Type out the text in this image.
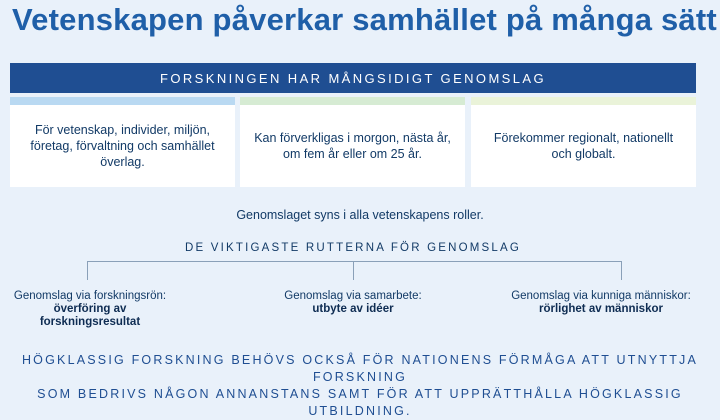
Vetenskapen påverkar samhället på många sätt
FORSKNINGEN HAR MÅNGSIDIGT GENOMSLAG
För vetenskap, individer, miljön, företag, förvaltning och samhället överlag.
Kan förverkligas i morgon, nästa år, om fem år eller om 25 år.
Förekommer regionalt, nationellt och globalt.
Genomslaget syns i alla vetenskapens roller.
DE VIKTIGASTE RUTTERNA FÖR GENOMSLAG
Genomslag via forskningsrön:
överföring av forskningsresultat
Genomslag via samarbete:
utbyte av idéer
Genomslag via kunniga människor:
rörlighet av människor
HÖGKLASSIG FORSKNING BEHÖVS OCKSÅ FÖR NATIONENS FÖRMÅGA ATT UTNYTTJA FORSKNING
SOM BEDRIVS NÅGON ANNANSTANS SAMT FÖR ATT UPPRÄTTHÅLLA HÖGKLASSIG UTBILDNING.
